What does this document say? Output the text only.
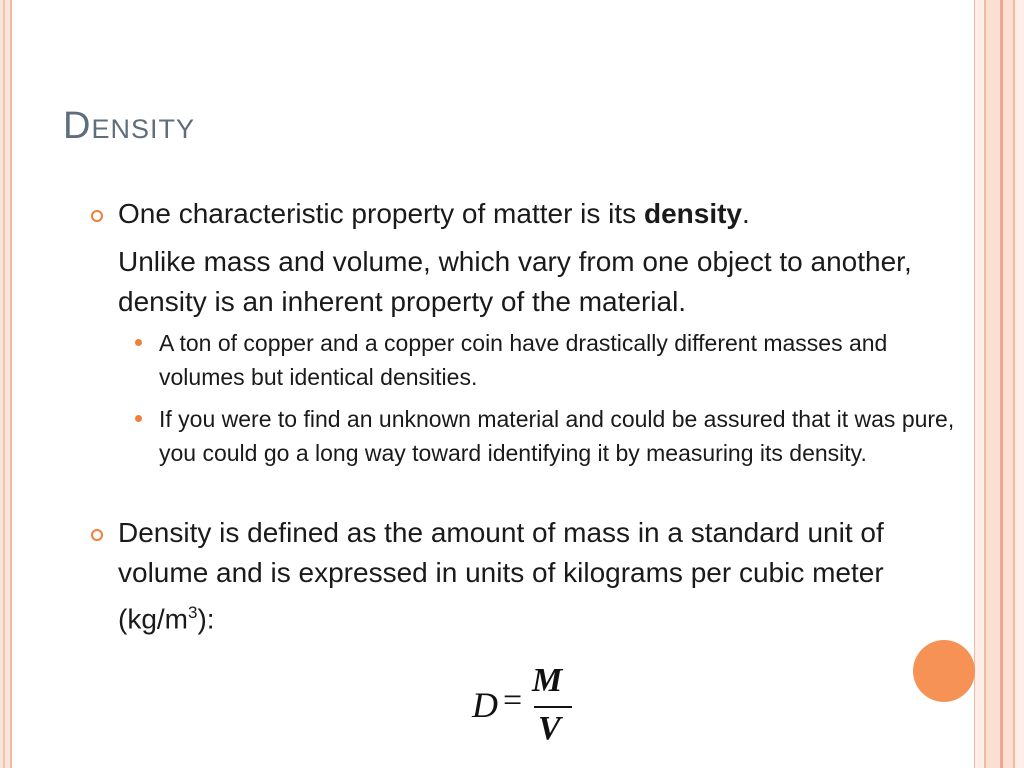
Density

One characteristic property of matter is its density.

Unlike mass and volume, which vary from one object to another, density is an inherent property of the material.

A ton of copper and a copper coin have drastically different masses and volumes but identical densities.

If you were to find an unknown material and could be assured that it was pure, you could go a long way toward identifying it by measuring its density.

Density is defined as the amount of mass in a standard unit of volume and is expressed in units of kilograms per cubic meter $(kg/m^3)$:

D =
M
V
